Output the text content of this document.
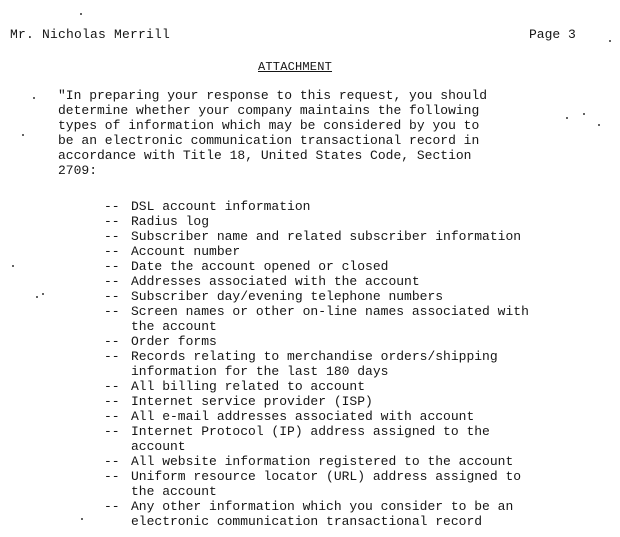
Mr. Nicholas Merrill	Page 3
ATTACHMENT
"In preparing your response to this request, you should
determine whether your company maintains the following
types of information which may be considered by you to
be an electronic communication transactional record in
accordance with Title 18, United States Code, Section
2709:
-- DSL account information
-- Radius log
-- Subscriber name and related subscriber information
-- Account number
-- Date the account opened or closed
-- Addresses associated with the account
-- Subscriber day/evening telephone numbers
-- Screen names or other on-line names associated with
the account
-- Order forms
-- Records relating to merchandise orders/shipping
information for the last 180 days
-- All billing related to account
-- Internet service provider (ISP)
-- All e-mail addresses associated with account
-- Internet Protocol (IP) address assigned to the
account
-- All website information registered to the account
-- Uniform resource locator (URL) address assigned to
the account
-- Any other information which you consider to be an
electronic communication transactional record
